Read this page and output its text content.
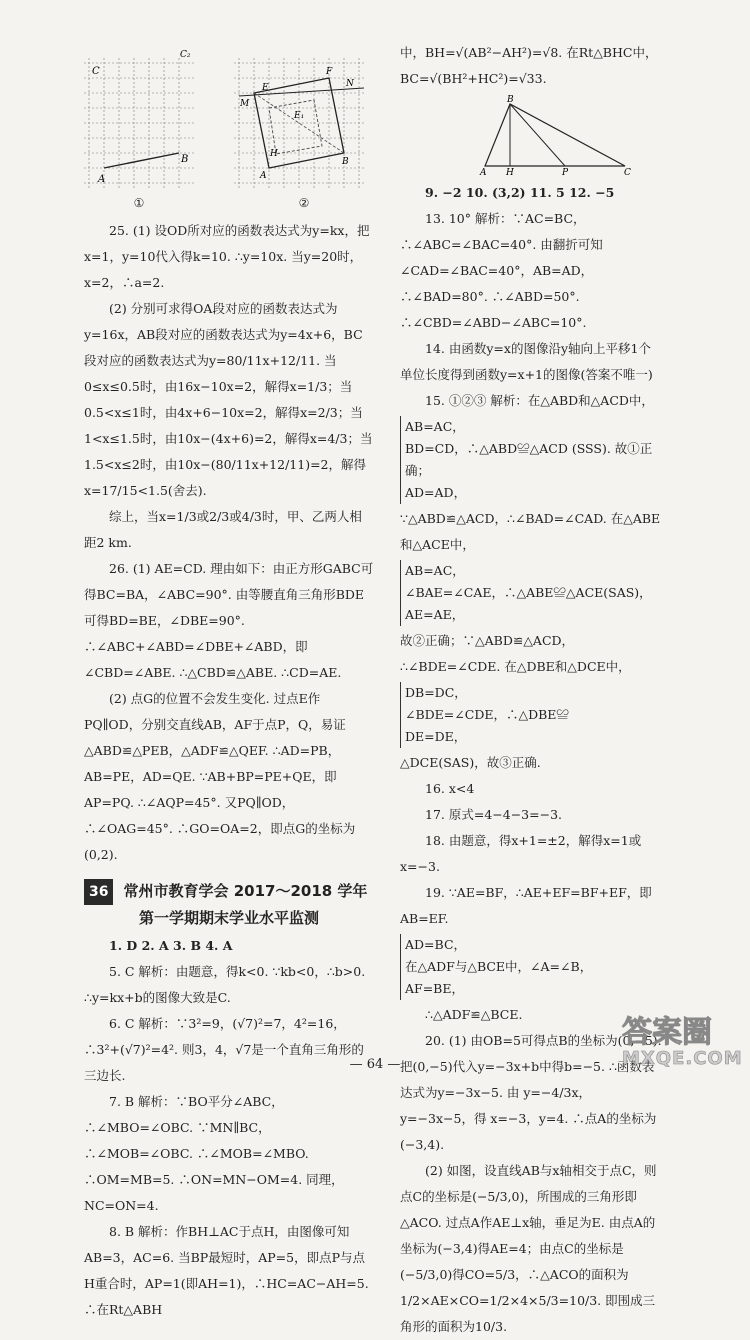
A
B
C
C₂
M
E
F
N
H
B
A
E₁
①	②

25. (1) 设OD所对应的函数表达式为y=kx，把x=1，y=10代入得k=10. ∴y=10x. 当y=20时，x=2，∴a=2.

(2) 分别可求得OA段对应的函数表达式为y=16x，AB段对应的函数表达式为y=4x+6，BC段对应的函数表达式为y=80/11x+12/11. 当0≤x≤0.5时，由16x−10x=2，解得x=1/3；当0.5<x≤1时，由4x+6−10x=2，解得x=2/3；当1<x≤1.5时，由10x−(4x+6)=2，解得x=4/3；当1.5<x≤2时，由10x−(80/11x+12/11)=2，解得x=17/15<1.5(舍去).

综上，当x=1/3或2/3或4/3时，甲、乙两人相距2 km.

26. (1) AE=CD. 理由如下：由正方形GABC可得BC=BA，∠ABC=90°. 由等腰直角三角形BDE可得BD=BE，∠DBE=90°. ∴∠ABC+∠ABD=∠DBE+∠ABD，即∠CBD=∠ABE. ∴△CBD≌△ABE. ∴CD=AE.

(2) 点G的位置不会发生变化. 过点E作PQ∥OD，分别交直线AB，AF于点P，Q，易证△ABD≌△PEB，△ADF≌△QEF. ∴AD=PB，AB=PE，AD=QE. ∵AB+BP=PE+QE，即AP=PQ. ∴∠AQP=45°. 又PQ∥OD，∴∠OAG=45°. ∴GO=OA=2，即点G的坐标为(0,2).

36 常州市教育学会 2017～2018 学年
第一学期期末学业水平监测

1. D 2. A 3. B 4. A

5. C 解析：由题意，得k<0. ∵kb<0，∴b>0. ∴y=kx+b的图像大致是C.

6. C 解析：∵3²=9，(√7)²=7，4²=16，∴3²+(√7)²=4². 则3，4，√7是一个直角三角形的三边长.

7. B 解析：∵BO平分∠ABC，∴∠MBO=∠OBC. ∵MN∥BC，∴∠MOB=∠OBC. ∴∠MOB=∠MBO. ∴OM=MB=5. ∴ON=MN−OM=4. 同理，NC=ON=4.

8. B 解析：作BH⊥AC于点H，由图像可知AB=3，AC=6. 当BP最短时，AP=5，即点P与点H重合时，AP=1(即AH=1)，∴HC=AC−AH=5. ∴在Rt△ABH

中，BH=√(AB²−AH²)=√8. 在Rt△BHC中，BC=√(BH²+HC²)=√33.

B
A H	P	C

9. −2 10. (3,2) 11. 5 12. −5

13. 10° 解析：∵AC=BC，∴∠ABC=∠BAC=40°. 由翻折可知∠CAD=∠BAC=40°，AB=AD，∴∠BAD=80°. ∴∠ABD=50°. ∴∠CBD=∠ABD−∠ABC=10°.

14. 由函数y=x的图像沿y轴向上平移1个单位长度得到函数y=x+1的图像(答案不唯一)

15. ①②③ 解析：在△ABD和△ACD中，

AB=AC，
BD=CD，∴△ABD≌△ACD (SSS). 故①正确；
AD=AD，

∵△ABD≌△ACD，∴∠BAD=∠CAD. 在△ABE和△ACE中，

AB=AC，
∠BAE=∠CAE，∴△ABE≌△ACE(SAS)，
AE=AE，

故②正确；∵△ABD≌△ACD，∴∠BDE=∠CDE. 在△DBE和△DCE中，

DB=DC，
∠BDE=∠CDE，∴△DBE≌
DE=DE，

△DCE(SAS)，故③正确.

16. x<4

17. 原式=4−4−3=−3.

18. 由题意，得x+1=±2，解得x=1或x=−3.

19. ∵AE=BF，∴AE+EF=BF+EF，即AB=EF.

AD=BC，
在△ADF与△BCE中，∠A=∠B，
AF=BE，

∴△ADF≌△BCE.

20. (1) 由OB=5可得点B的坐标为(0,−5). 把(0,−5)代入y=−3x+b中得b=−5. ∴函数表达式为y=−3x−5. 由 y=−4/3x，y=−3x−5，得 x=−3，y=4. ∴点A的坐标为(−3,4).

(2) 如图，设直线AB与x轴相交于点C，则点C的坐标是(−5/3,0)，所围成的三角形即△ACO. 过点A作AE⊥x轴，垂足为E. 由点A的坐标为(−3,4)得AE=4；由点C的坐标是(−5/3,0)得CO=5/3，∴△ACO的面积为1/2×AE×CO=1/2×4×5/3=10/3. 即围成三角形的面积为10/3.

— 64 —
答案圈
MXQE.COM
